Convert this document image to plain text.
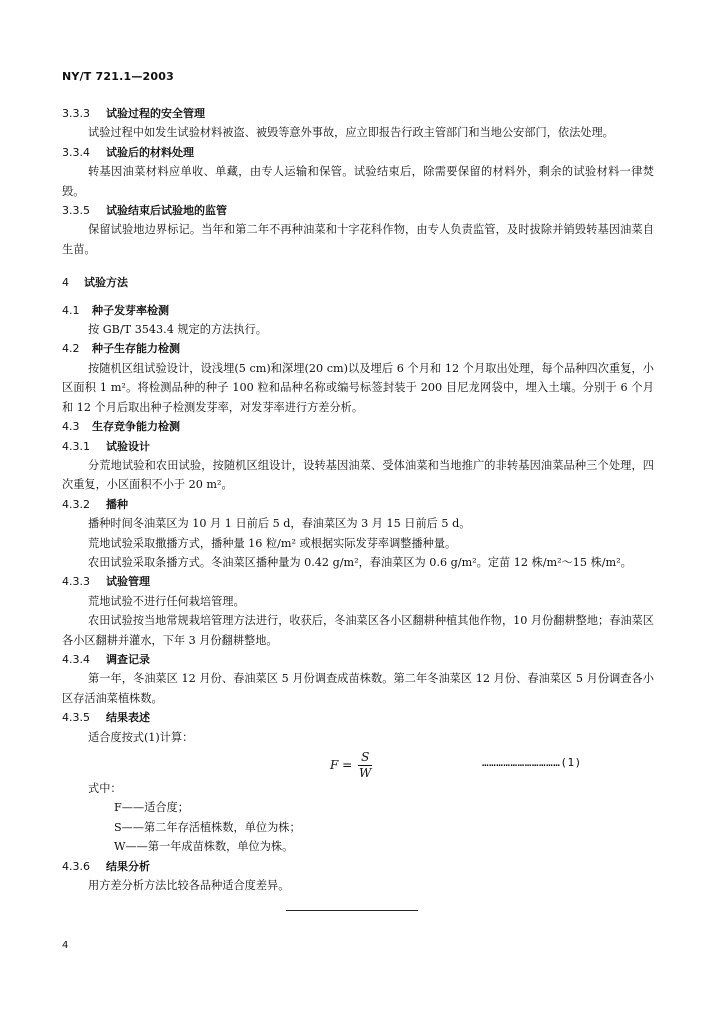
NY/T 721.1—2003
3.3.3 试验过程的安全管理
试验过程中如发生试验材料被盗、被毁等意外事故，应立即报告行政主管部门和当地公安部门，依法处理。
3.3.4 试验后的材料处理
转基因油菜材料应单收、单藏，由专人运输和保管。试验结束后，除需要保留的材料外，剩余的试验材料一律焚毁。
3.3.5 试验结束后试验地的监管
保留试验地边界标记。当年和第二年不再种油菜和十字花科作物，由专人负责监管，及时拔除并销毁转基因油菜自生苗。
4 试验方法
4.1 种子发芽率检测
按 GB/T 3543.4 规定的方法执行。
4.2 种子生存能力检测
按随机区组试验设计，设浅埋(5 cm)和深埋(20 cm)以及埋后 6 个月和 12 个月取出处理，每个品种四次重复，小区面积 1 m²。将检测品种的种子 100 粒和品种名称或编号标签封装于 200 目尼龙网袋中，埋入土壤。分别于 6 个月和 12 个月后取出种子检测发芽率，对发芽率进行方差分析。
4.3 生存竞争能力检测
4.3.1 试验设计
分荒地试验和农田试验，按随机区组设计，设转基因油菜、受体油菜和当地推广的非转基因油菜品种三个处理，四次重复，小区面积不小于 20 m²。
4.3.2 播种
播种时间冬油菜区为 10 月 1 日前后 5 d，春油菜区为 3 月 15 日前后 5 d。
荒地试验采取撒播方式，播种量 16 粒/m² 或根据实际发芽率调整播种量。
农田试验采取条播方式。冬油菜区播种量为 0.42 g/m²，春油菜区为 0.6 g/m²。定苗 12 株/m²～15 株/m²。
4.3.3 试验管理
荒地试验不进行任何栽培管理。
农田试验按当地常规栽培管理方法进行，收获后，冬油菜区各小区翻耕种植其他作物，10 月份翻耕整地；春油菜区各小区翻耕并灌水，下年 3 月份翻耕整地。
4.3.4 调查记录
第一年，冬油菜区 12 月份、春油菜区 5 月份调查成苗株数。第二年冬油菜区 12 月份、春油菜区 5 月份调查各小区存活油菜植株数。
4.3.5 结果表述
适合度按式(1)计算：
$F = \frac{S}{W}$	……………………………(1)
式中：
F——适合度；
S——第二年存活植株数，单位为株；
W——第一年成苗株数，单位为株。
4.3.6 结果分析
用方差分析方法比较各品种适合度差异。
4
